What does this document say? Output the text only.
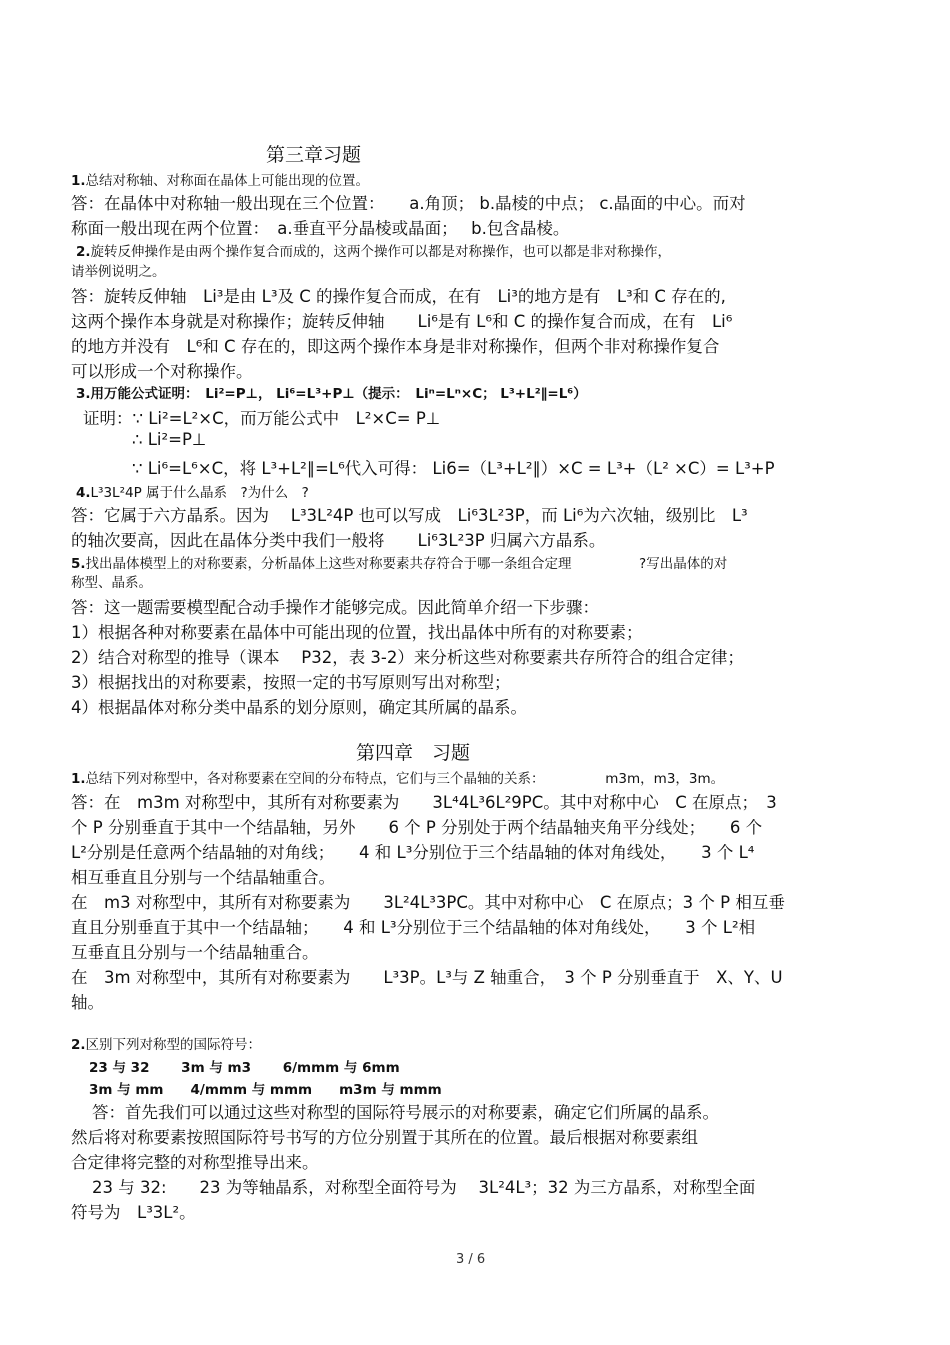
第三章习题
1.总结对称轴、对称面在晶体上可能出现的位置。
答：在晶体中对称轴一般出现在三个位置：　　a.角顶； b.晶棱的中点； c.晶面的中心。而对
称面一般出现在两个位置：　a.垂直平分晶棱或晶面；　 b.包含晶棱。
2.旋转反伸操作是由两个操作复合而成的，这两个操作可以都是对称操作，也可以都是非对称操作，
请举例说明之。
答：旋转反伸轴　Li³是由 L³及 C 的操作复合而成，在有　Li³的地方是有　L³和 C 存在的,
这两个操作本身就是对称操作；旋转反伸轴　　Li⁶是有 L⁶和 C 的操作复合而成，在有　Li⁶
的地方并没有　L⁶和 C 存在的，即这两个操作本身是非对称操作，但两个非对称操作复合
可以形成一个对称操作。
3.用万能公式证明：　Li²=P⊥， Li⁶=L³+P⊥（提示：　Liⁿ=Lⁿ×C； L³+L²∥=L⁶）
证明：∵ Li²=L²×C，而万能公式中　L²×C= P⊥
∴ Li²=P⊥
∵ Li⁶=L⁶×C，将 L³+L²∥=L⁶代入可得： Li6=（L³+L²∥）×C = L³+（L² ×C）= L³+P
4.L³3L²4P 属于什么晶系　?为什么　?
答：它属于六方晶系。因为　 L³3L²4P 也可以写成　Li⁶3L²3P，而 Li⁶为六次轴，级别比　L³
的轴次要高，因此在晶体分类中我们一般将　　Li⁶3L²3P 归属六方晶系。
5.找出晶体模型上的对称要素，分析晶体上这些对称要素共存符合于哪一条组合定理　　　　　?写出晶体的对
称型、晶系。
答：这一题需要模型配合动手操作才能够完成。因此简单介绍一下步骤：
1）根据各种对称要素在晶体中可能出现的位置，找出晶体中所有的对称要素；
2）结合对称型的推导（课本　 P32，表 3-2）来分析这些对称要素共存所符合的组合定律；
3）根据找出的对称要素，按照一定的书写原则写出对称型；
4）根据晶体对称分类中晶系的划分原则，确定其所属的晶系。
第四章　习题
1.总结下列对称型中，各对称要素在空间的分布特点，它们与三个晶轴的关系：　　　　　m3m，m3，3m。
答：在　m3m 对称型中，其所有对称要素为　　3L⁴4L³6L²9PC。其中对称中心　C 在原点；　3
个 P 分别垂直于其中一个结晶轴，另外　　6 个 P 分别处于两个结晶轴夹角平分线处；　　6 个
L²分别是任意两个结晶轴的对角线；　　4 和 L³分别位于三个结晶轴的体对角线处，　　3 个 L⁴
相互垂直且分别与一个结晶轴重合。
在　m3 对称型中，其所有对称要素为　　3L²4L³3PC。其中对称中心　C 在原点；3 个 P 相互垂
直且分别垂直于其中一个结晶轴；　　4 和 L³分别位于三个结晶轴的体对角线处，　　3 个 L²相
互垂直且分别与一个结晶轴重合。
在　3m 对称型中，其所有对称要素为　　L³3P。L³与 Z 轴重合，　3 个 P 分别垂直于　X、Y、U
轴。
2.区别下列对称型的国际符号：
23 与 32　　 3m 与 m3　　 6/mmm 与 6mm
3m 与 mm　　4/mmm 与 mmm　　m3m 与 mmm
答：首先我们可以通过这些对称型的国际符号展示的对称要素，确定它们所属的晶系。
然后将对称要素按照国际符号书写的方位分别置于其所在的位置。最后根据对称要素组
合定律将完整的对称型推导出来。
23 与 32:　　23 为等轴晶系，对称型全面符号为　 3L²4L³；32 为三方晶系，对称型全面
符号为　L³3L²。
3 / 6
